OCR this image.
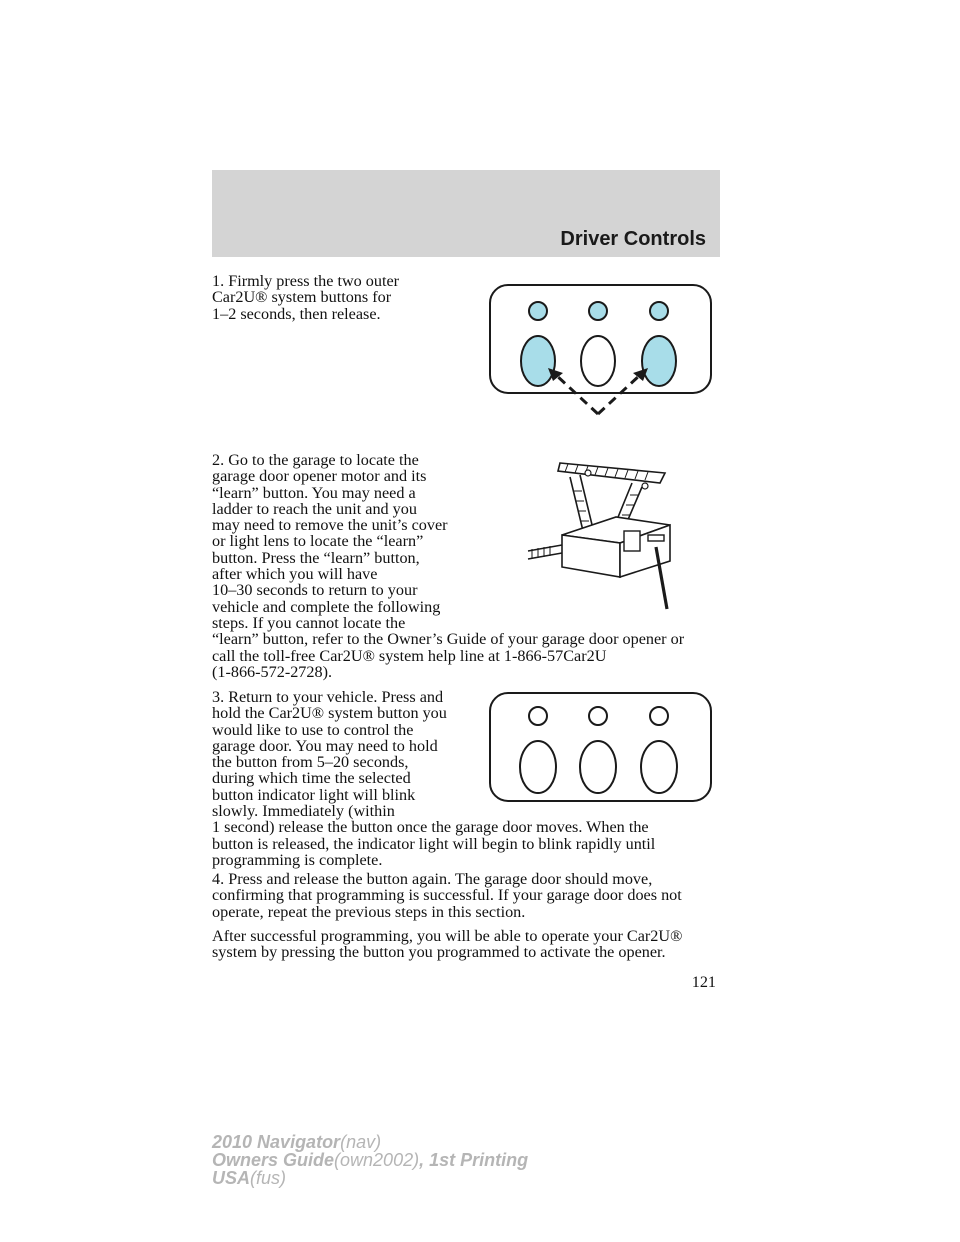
Driver Controls
1. Firmly press the two outer
Car2U® system buttons for
1–2 seconds, then release.
2. Go to the garage to locate the
garage door opener motor and its
“learn” button. You may need a
ladder to reach the unit and you
may need to remove the unit’s cover
or light lens to locate the “learn”
button. Press the “learn” button,
after which you will have
10–30 seconds to return to your
vehicle and complete the following
steps. If you cannot locate the
“learn” button, refer to the Owner’s Guide of your garage door opener or
call the toll-free Car2U® system help line at 1-866-57Car2U
(1-866-572-2728).
3. Return to your vehicle. Press and
hold the Car2U® system button you
would like to use to control the
garage door. You may need to hold
the button from 5–20 seconds,
during which time the selected
button indicator light will blink
slowly. Immediately (within
1 second) release the button once the garage door moves. When the
button is released, the indicator light will begin to blink rapidly until
programming is complete.
4. Press and release the button again. The garage door should move,
confirming that programming is successful. If your garage door does not
operate, repeat the previous steps in this section.
After successful programming, you will be able to operate your Car2U®
system by pressing the button you programmed to activate the opener.
121
2010 Navigator(nav)
Owners Guide(own2002), 1st Printing
USA(fus)
